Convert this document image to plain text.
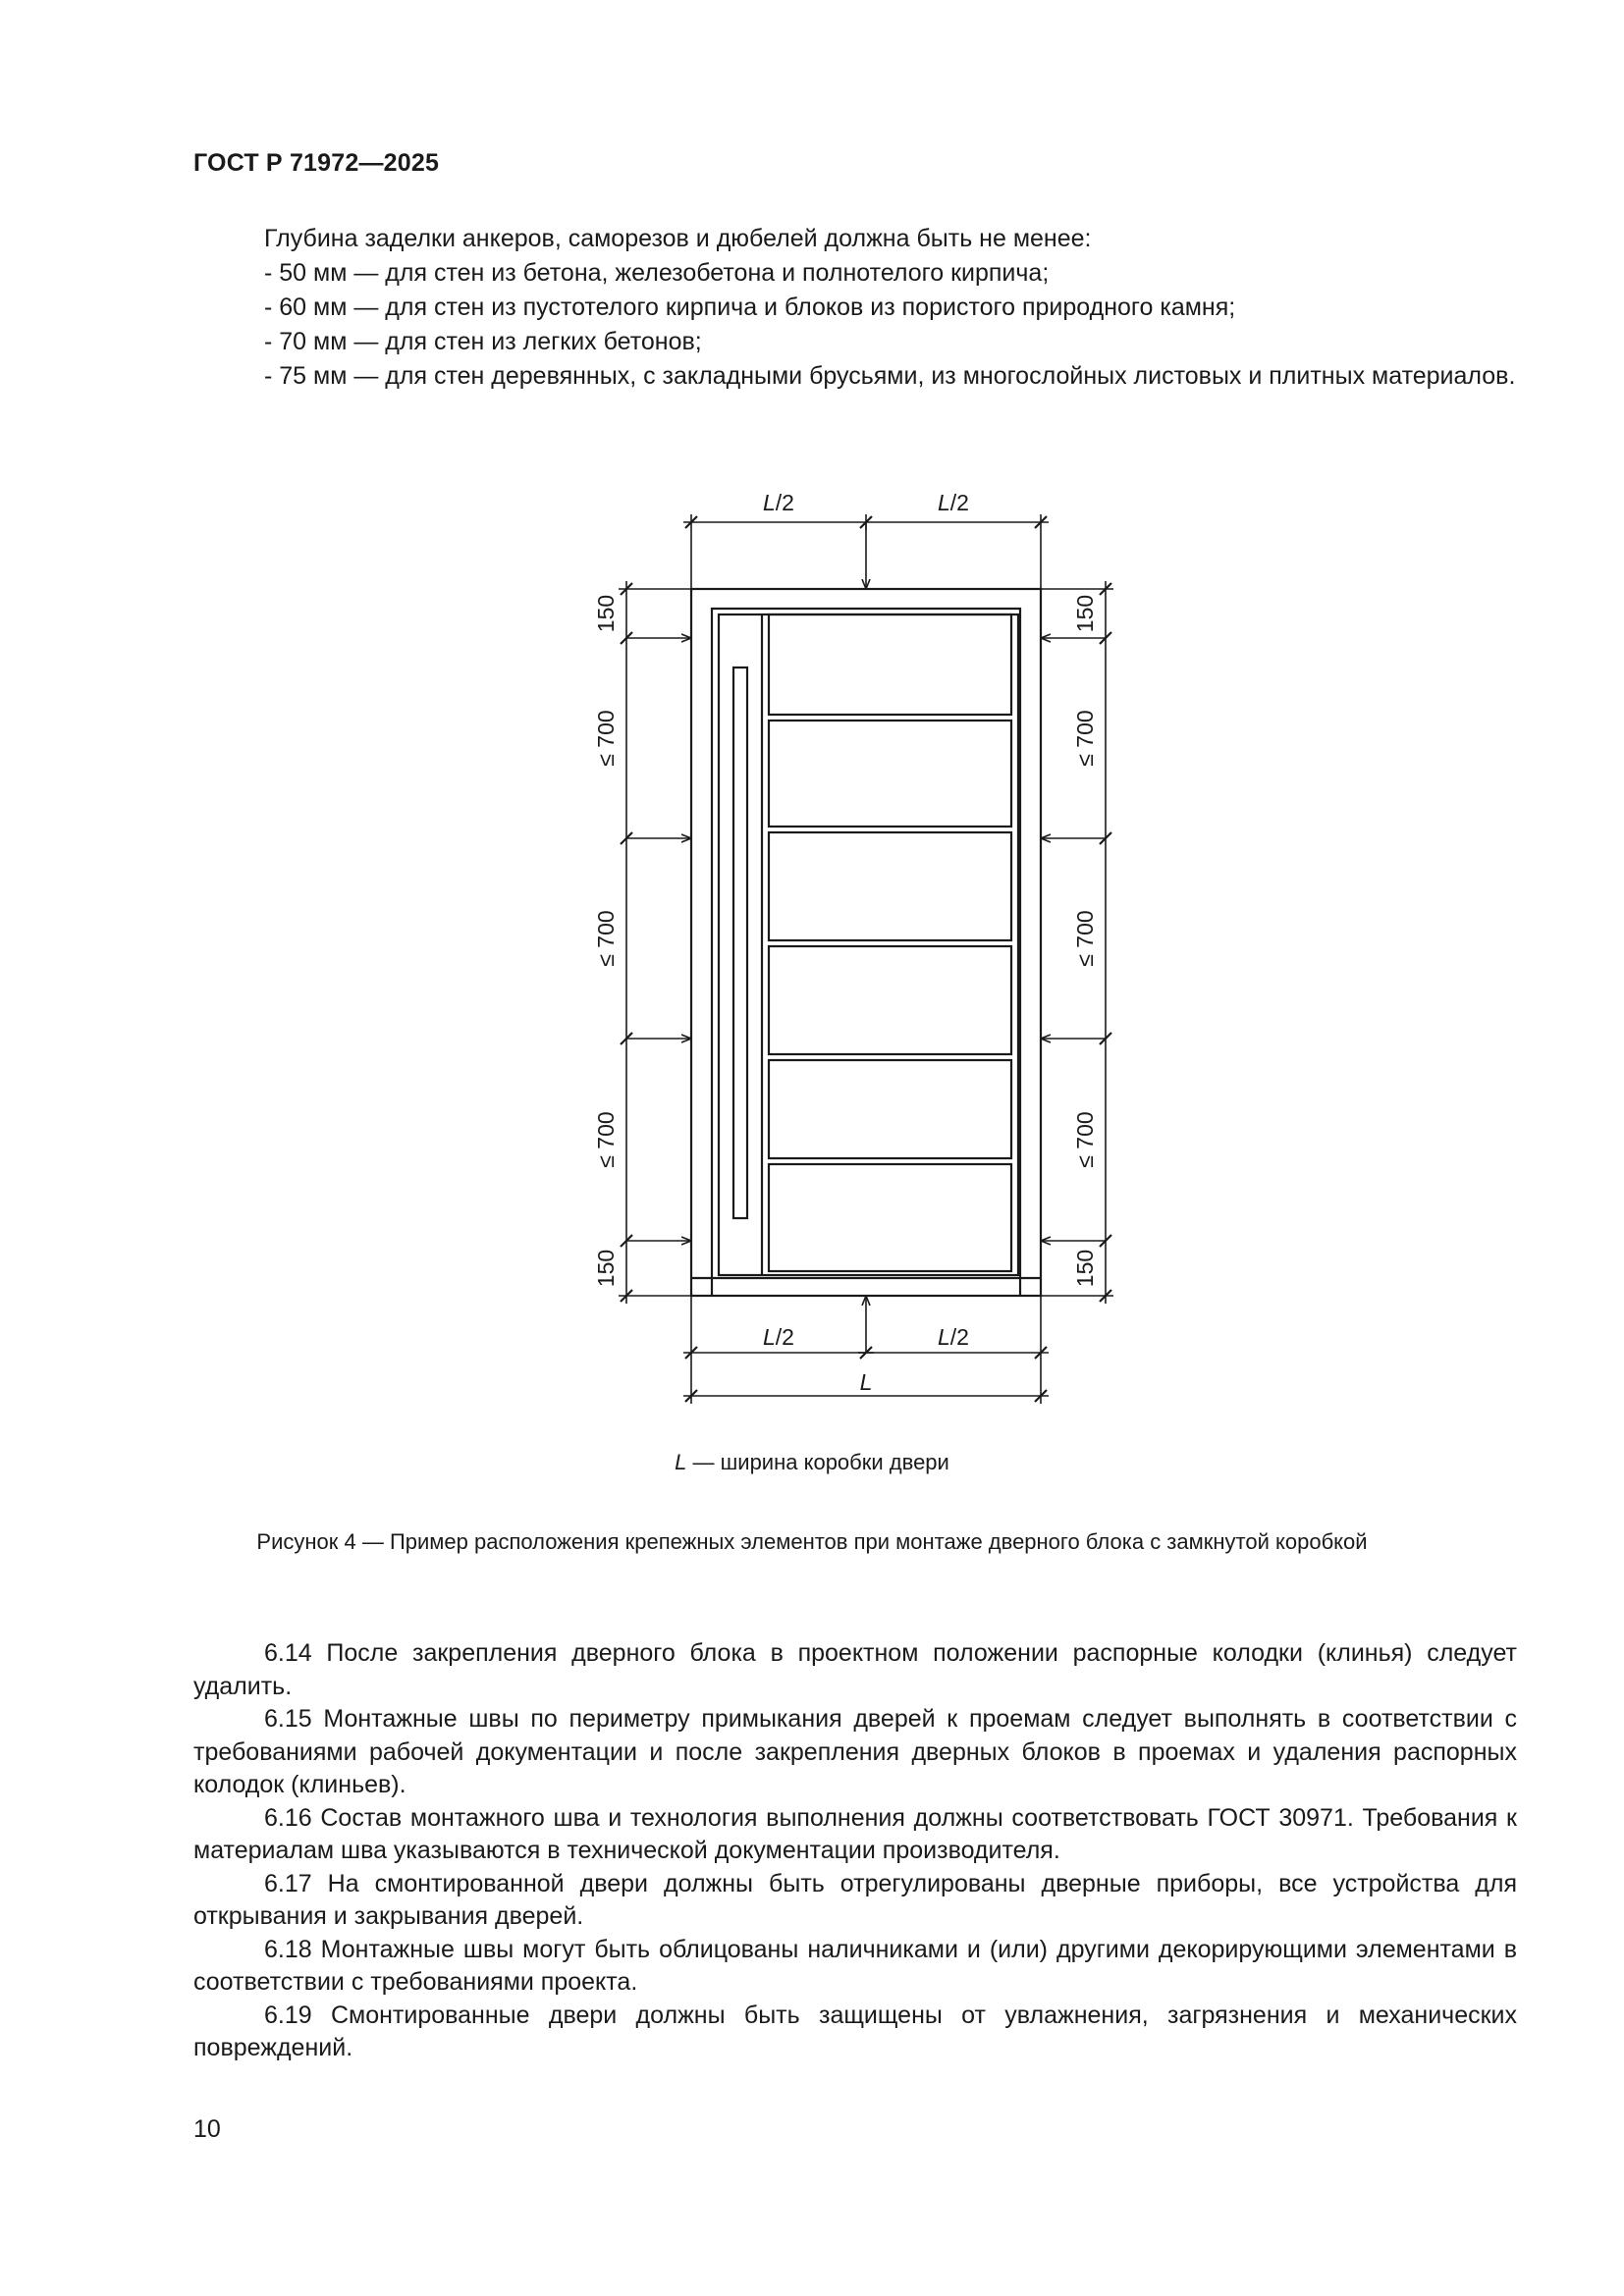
ГОСТ Р 71972—2025

Глубина заделки анкеров, саморезов и дюбелей должна быть не менее:

- 50 мм — для стен из бетона, железобетона и полнотелого кирпича;

- 60 мм — для стен из пустотелого кирпича и блоков из пористого природного камня;

- 70 мм — для стен из легких бетонов;

- 75 мм — для стен деревянных, с закладными брусьями, из многослойных листовых и плитных материалов.

L/2	L/2
150
≤ 700
≤ 700
≤ 700
150
150
≤ 700
≤ 700
≤ 700
150
L/2	L/2
L
L — ширина коробки двери
Рисунок 4 — Пример расположения крепежных элементов при монтаже дверного блока с замкнутой коробкой

6.14 После закрепления дверного блока в проектном положении распорные колодки (клинья) следует удалить.

6.15 Монтажные швы по периметру примыкания дверей к проемам следует выполнять в соответствии с требованиями рабочей документации и после закрепления дверных блоков в проемах и удаления распорных колодок (клиньев).

6.16 Состав монтажного шва и технология выполнения должны соответствовать ГОСТ 30971. Требования к материалам шва указываются в технической документации производителя.

6.17 На смонтированной двери должны быть отрегулированы дверные приборы, все устройства для открывания и закрывания дверей.

6.18 Монтажные швы могут быть облицованы наличниками и (или) другими декорирующими элементами в соответствии с требованиями проекта.

6.19 Смонтированные двери должны быть защищены от увлажнения, загрязнения и механических повреждений.

10
